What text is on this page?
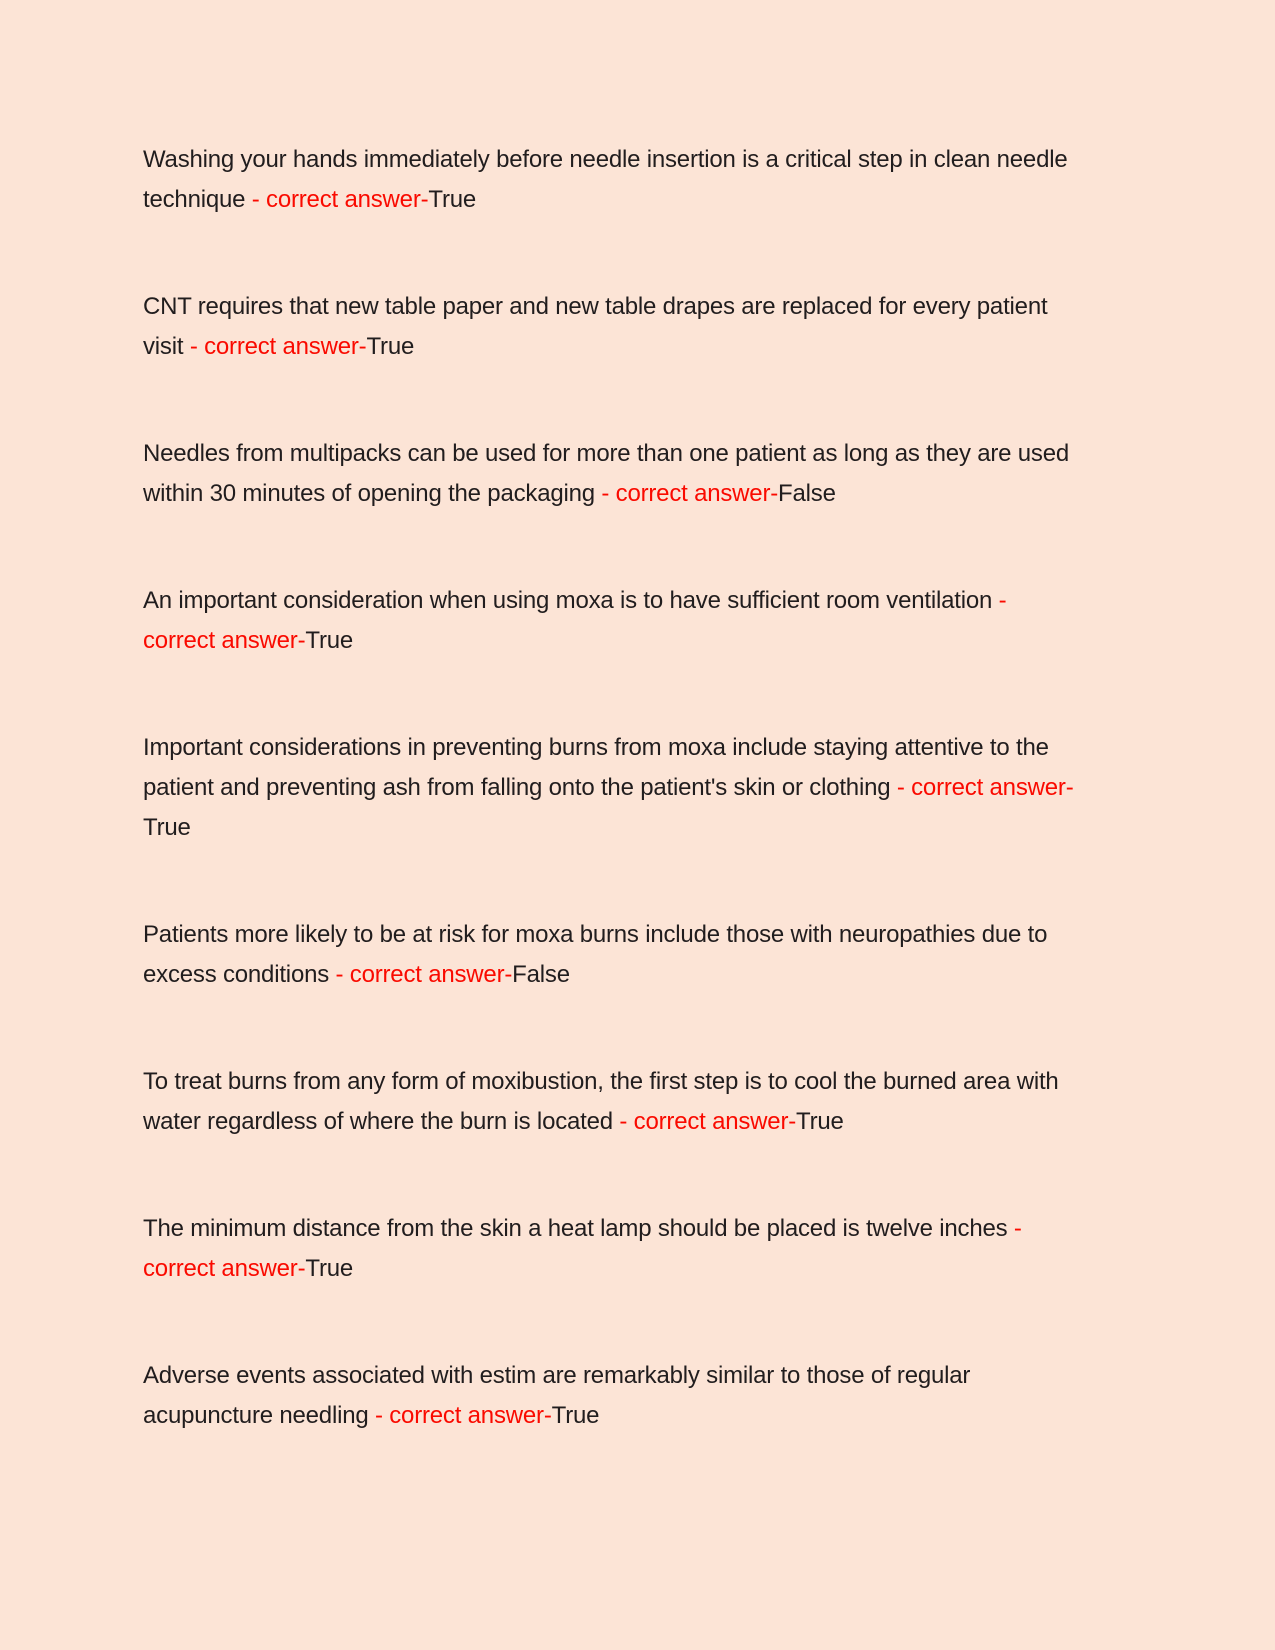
Washing your hands immediately before needle insertion is a critical step in clean needle technique - correct answer-True

CNT requires that new table paper and new table drapes are replaced for every patient visit - correct answer-True

Needles from multipacks can be used for more than one patient as long as they are used within 30 minutes of opening the packaging - correct answer-False

An important consideration when using moxa is to have sufficient room ventilation - correct answer-True

Important considerations in preventing burns from moxa include staying attentive to the patient and preventing ash from falling onto the patient's skin or clothing - correct answer-True

Patients more likely to be at risk for moxa burns include those with neuropathies due to excess conditions - correct answer-False

To treat burns from any form of moxibustion, the first step is to cool the burned area with water regardless of where the burn is located - correct answer-True

The minimum distance from the skin a heat lamp should be placed is twelve inches - correct answer-True

Adverse events associated with estim are remarkably similar to those of regular acupuncture needling - correct answer-True
